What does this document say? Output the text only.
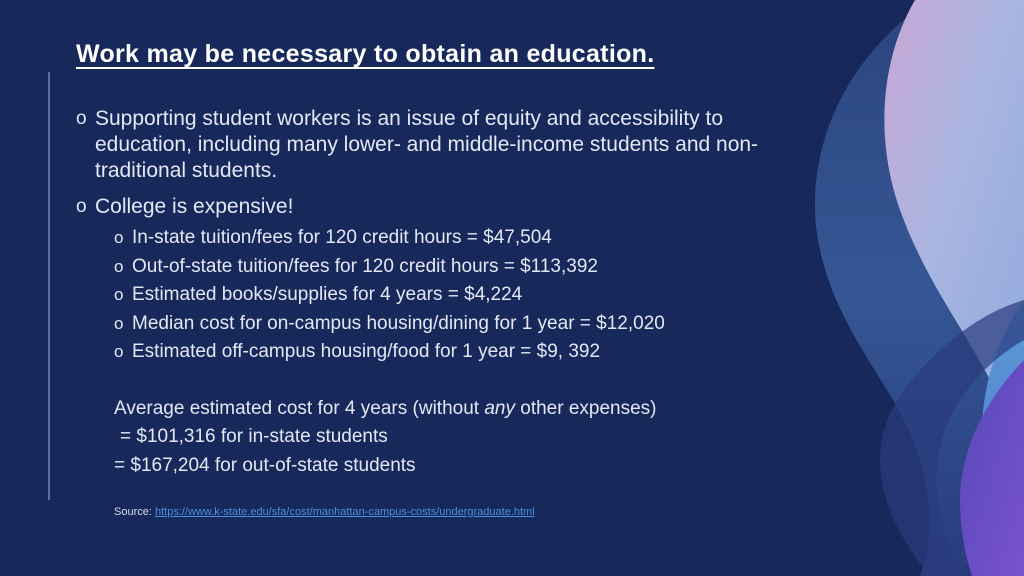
Work may be necessary to obtain an education.
o Supporting student workers is an issue of equity and accessibility to education, including many lower- and middle-income students and non-traditional students.
o College is expensive!
o In-state tuition/fees for 120 credit hours = $47,504
o Out-of-state tuition/fees for 120 credit hours = $113,392
o Estimated books/supplies for 4 years = $4,224
o Median cost for on-campus housing/dining for 1 year = $12,020
o Estimated off-campus housing/food for 1 year = $9, 392
Average estimated cost for 4 years (without any other expenses)
= $101,316 for in-state students
= $167,204 for out-of-state students
Source: https://www.k-state.edu/sfa/cost/manhattan-campus-costs/undergraduate.html
